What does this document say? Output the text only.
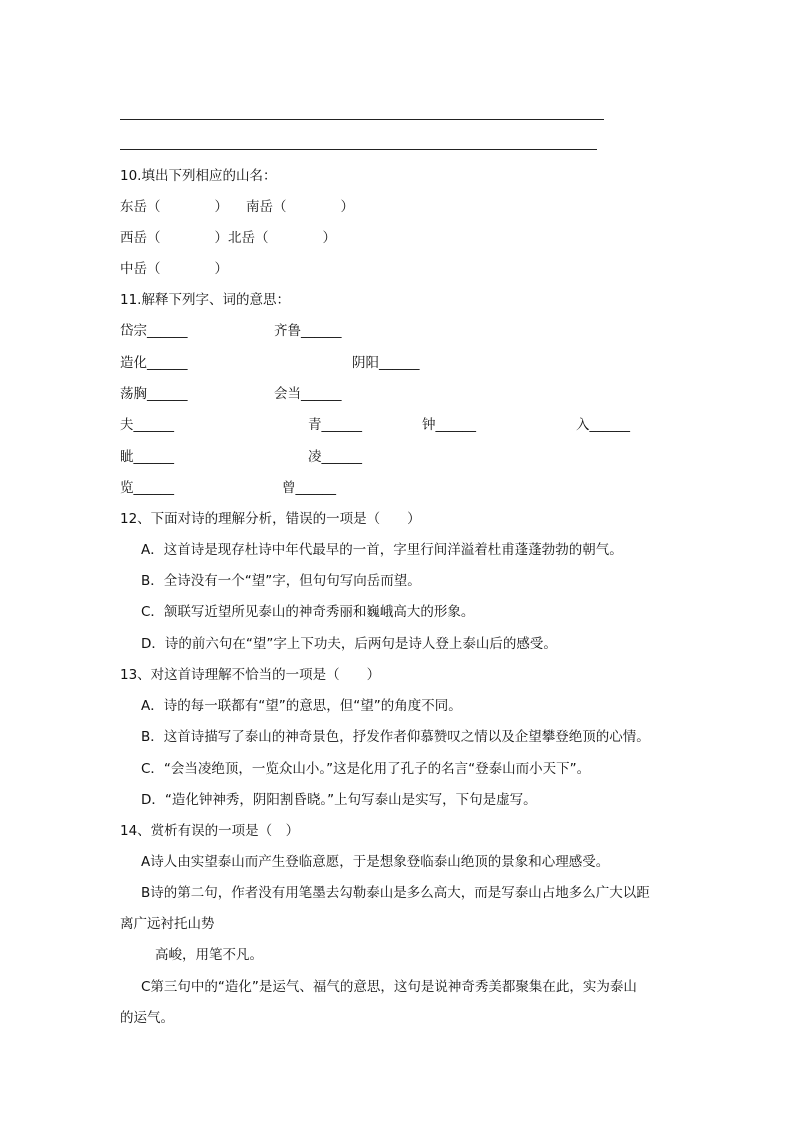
10.填出下列相应的山名：
东岳（　　　　） 南岳（　　　　）
西岳（　　　　）北岳（　　　　）
中岳（　　　　）
11.解释下列字、词的意思：
岱宗______	齐鲁______
造化______	阴阳______
荡胸______	会当______
夫______	青______	钟______	入______
眦______	凌______
览______	曾______
12、下面对诗的理解分析，错误的一项是（　　）
A．这首诗是现存杜诗中年代最早的一首，字里行间洋溢着杜甫蓬蓬勃勃的朝气。
B．全诗没有一个“望”字，但句句写向岳而望。
C．颔联写近望所见泰山的神奇秀丽和巍峨高大的形象。
D．诗的前六句在“望”字上下功夫，后两句是诗人登上泰山后的感受。
13、对这首诗理解不恰当的一项是（　　）
A．诗的每一联都有“望”的意思，但“望”的角度不同。
B．这首诗描写了泰山的神奇景色，抒发作者仰慕赞叹之情以及企望攀登绝顶的心情。
C．“会当凌绝顶，一览众山小。”这是化用了孔子的名言“登泰山而小天下”。
D．“造化钟神秀，阴阳割昏晓。”上句写泰山是实写，下句是虚写。
14、赏析有误的一项是（　）
A诗人由实望泰山而产生登临意愿，于是想象登临泰山绝顶的景象和心理感受。
B诗的第二句，作者没有用笔墨去勾勒泰山是多么高大，而是写泰山占地多么广大以距
离广远衬托山势
高峻，用笔不凡。
C第三句中的“造化”是运气、福气的意思，这句是说神奇秀美都聚集在此，实为泰山
的运气。
